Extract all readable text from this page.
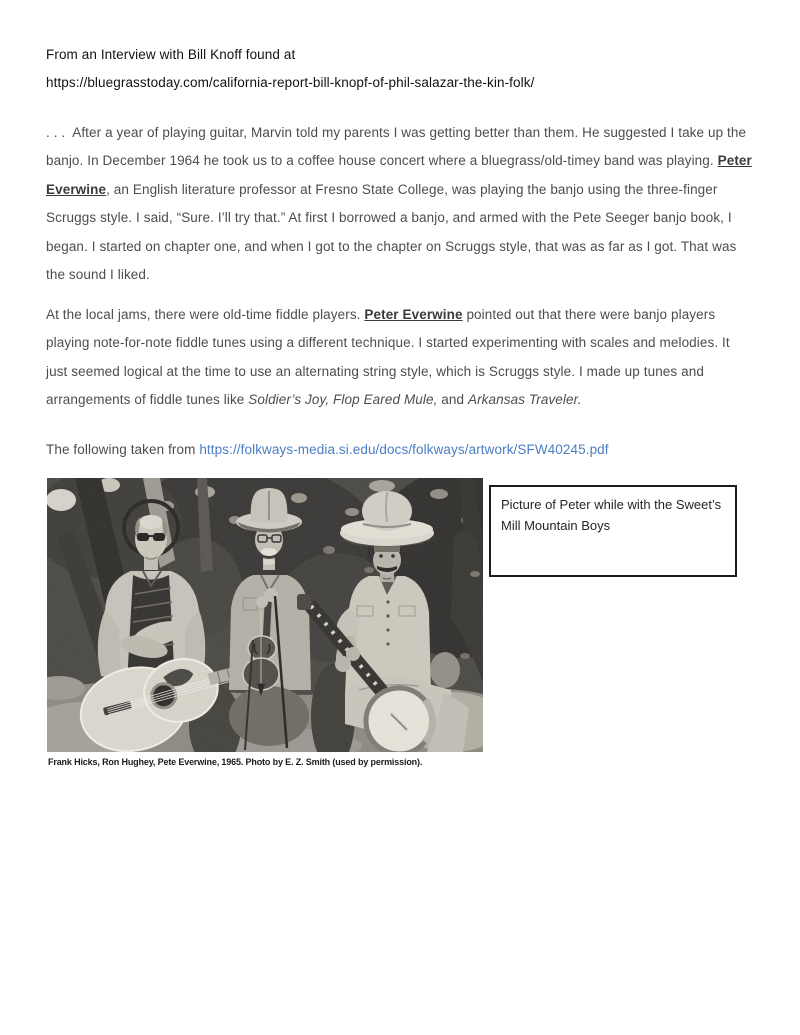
From an Interview with Bill Knoff found at
https://bluegrasstoday.com/california-report-bill-knopf-of-phil-salazar-the-kin-folk/

. . .  After a year of playing guitar, Marvin told my parents I was getting better than them. He suggested I take up the banjo. In December 1964 he took us to a coffee house concert where a bluegrass/old-timey band was playing. Peter Everwine, an English literature professor at Fresno State College, was playing the banjo using the three-finger Scruggs style. I said, “Sure. I’ll try that.” At first I borrowed a banjo, and armed with the Pete Seeger banjo book, I began. I started on chapter one, and when I got to the chapter on Scruggs style, that was as far as I got. That was the sound I liked.

At the local jams, there were old-time fiddle players. Peter Everwine pointed out that there were banjo players playing note-for-note fiddle tunes using a different technique. I started experimenting with scales and melodies. It just seemed logical at the time to use an alternating string style, which is Scruggs style. I made up tunes and arrangements of fiddle tunes like Soldier’s Joy, Flop Eared Mule, and Arkansas Traveler.

The following taken from https://folkways-media.si.edu/docs/folkways/artwork/SFW40245.pdf

Picture of Peter while with the Sweet’s Mill Mountain Boys
Frank Hicks, Ron Hughey, Pete Everwine, 1965. Photo by E. Z. Smith (used by permission).
